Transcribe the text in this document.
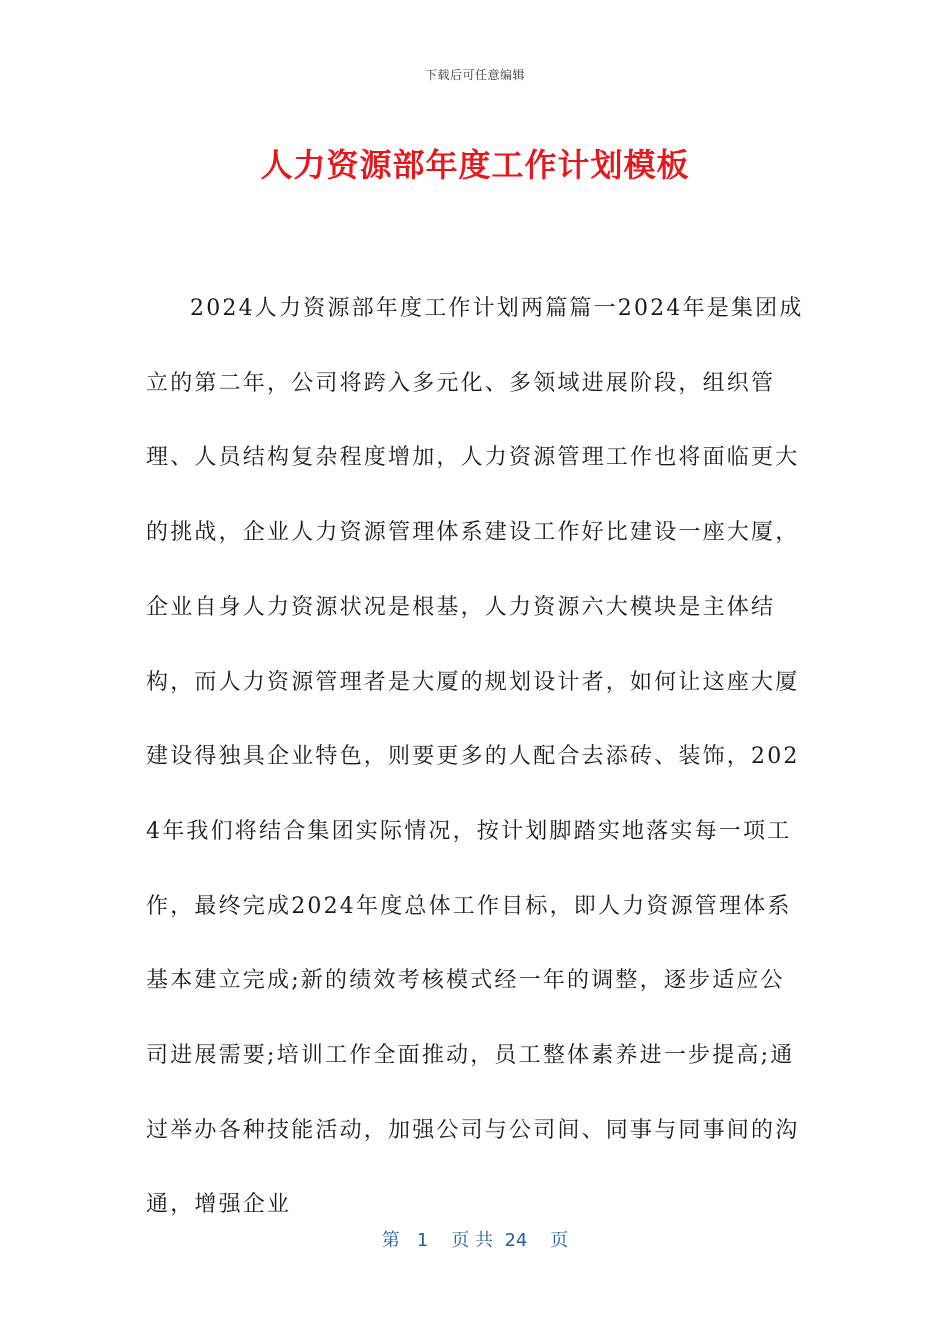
下载后可任意编辑
人力资源部年度工作计划模板

2024人力资源部年度工作计划两篇篇一2024年是集团成立的第二年，公司将跨入多元化、多领域进展阶段，组织管理、人员结构复杂程度增加，人力资源管理工作也将面临更大的挑战，企业人力资源管理体系建设工作好比建设一座大厦，企业自身人力资源状况是根基，人力资源六大模块是主体结构，而人力资源管理者是大厦的规划设计者，如何让这座大厦建设得独具企业特色，则要更多的人配合去添砖、装饰，2024年我们将结合集团实际情况，按计划脚踏实地落实每一项工作，最终完成2024年度总体工作目标，即人力资源管理体系基本建立完成;新的绩效考核模式经一年的调整，逐步适应公司进展需要;培训工作全面推动，员工整体素养进一步提高;通过举办各种技能活动，加强公司与公司间、同事与同事间的沟通，增强企业

第 1 页 共 24 页
